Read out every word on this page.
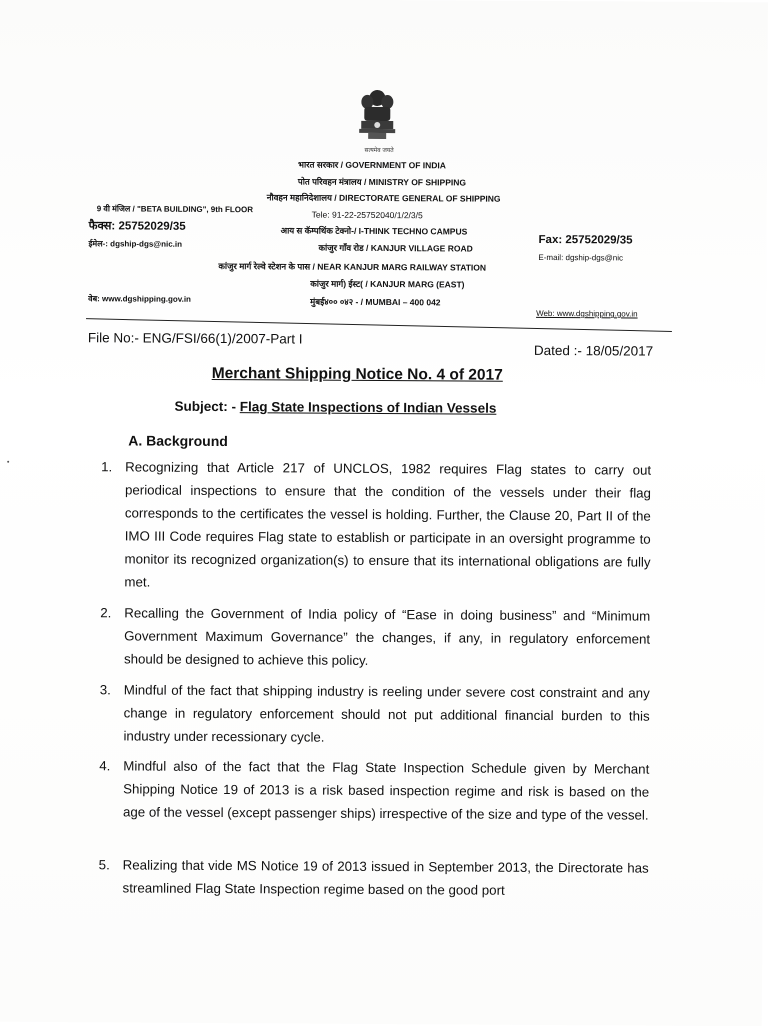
सत्यमेव जयते
भारत सरकार / GOVERNMENT OF INDIA
पोत परिवहन मंत्रालय / MINISTRY OF SHIPPING
नौवहन महानिदेशालय / DIRECTORATE GENERAL OF SHIPPING
9 वी मंजिल / "BETA BUILDING", 9th FLOOR
Tele: 91-22-25752040/1/2/3/5
फैक्स: 25752029/35	आय स कॅम्पथिंक टेक्नो-/ I-THINK TECHNO CAMPUS
Fax: 25752029/35
ईमेल-: dgship-dgs@nic.in	कांजुर गाँव रोड / KANJUR VILLAGE ROAD
E-mail: dgship-dgs@nic
कांजुर मार्ग रेल्वे स्टेशन के पास / NEAR KANJUR MARG RAILWAY STATION
कांजुर मार्ग) ईस्ट( / KANJUR MARG (EAST)
वेब: www.dgshipping.gov.in	मुंबई४०० ०४२ - / MUMBAI – 400 042
Web: www.dgshipping.gov.in
File No:- ENG/FSI/66(1)/2007-Part I
Dated :- 18/05/2017
Merchant Shipping Notice No. 4 of 2017
Subject: - Flag State Inspections of Indian Vessels
A. Background
1. Recognizing that Article 217 of UNCLOS, 1982 requires Flag states to carry out periodical inspections to ensure that the condition of the vessels under their flag corresponds to the certificates the vessel is holding. Further, the Clause 20, Part II of the IMO III Code requires Flag state to establish or participate in an oversight programme to monitor its recognized organization(s) to ensure that its international obligations are fully met.
2. Recalling the Government of India policy of “Ease in doing business” and “Minimum Government Maximum Governance” the changes, if any, in regulatory enforcement should be designed to achieve this policy.
3. Mindful of the fact that shipping industry is reeling under severe cost constraint and any change in regulatory enforcement should not put additional financial burden to this industry under recessionary cycle.
4. Mindful also of the fact that the Flag State Inspection Schedule given by Merchant Shipping Notice 19 of 2013 is a risk based inspection regime and risk is based on the age of the vessel (except passenger ships) irrespective of the size and type of the vessel.
5. Realizing that vide MS Notice 19 of 2013 issued in September 2013, the Directorate has streamlined Flag State Inspection regime based on the good port
